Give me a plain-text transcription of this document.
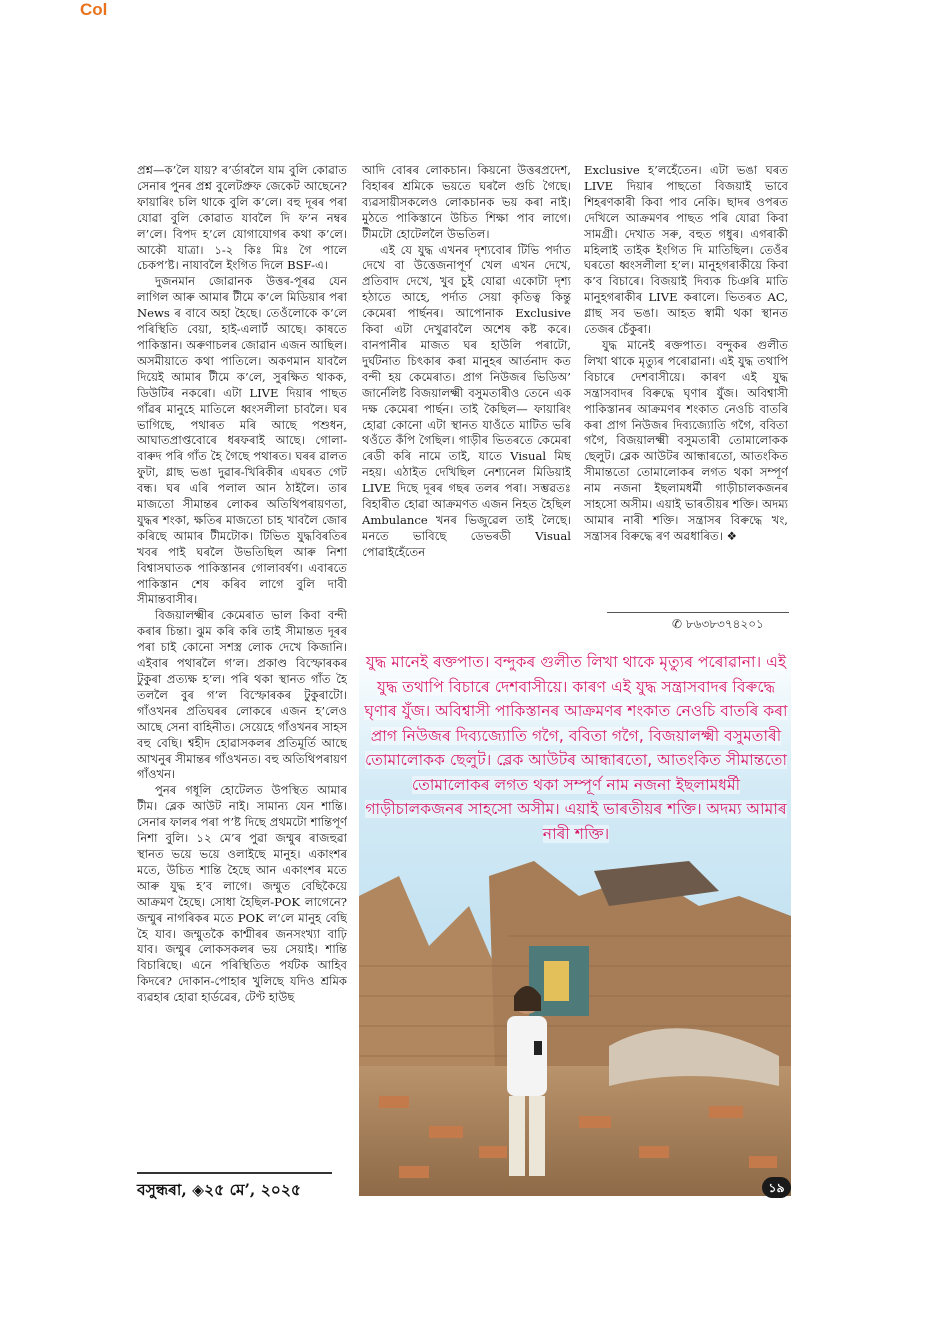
Col

প্ৰশ্ন—ক’লৈ যায়? ৰ’ৰ্ডাৰলৈ যাম বুলি কোৱাত সেনাৰ পুনৰ প্ৰশ্ন বুলেটপ্ৰুফ জেকেট আছেনে? ফায়াৰিং চলি থাকে বুলি ক’লে। বহু দূৰৰ পৰা যোৱা বুলি কোৱাত যাবলৈ দি ফ’ন নম্বৰ ল’লে। বিপদ হ’লে যোগাযোগৰ কথা ক’লে। আকৌ যাত্ৰা। ১-২ কিঃ মিঃ গৈ পালে চেকপ’ষ্ট। নাযাবলৈ ইংগিত দিলে BSF-এ।

দুজনমান জোৱানক উত্তৰ-পূৰৱ যেন লাগিল আৰু আমাৰ টীমে ক’লে মিডিয়াৰ পৰা News ৰ বাবে অহা হৈছে। তেওঁলোকে ক’লে পৰিস্থিতি বেয়া, হাই-এলাৰ্ট আছে। কাষতে পাকিস্তান। অৰুণাচলৰ জোৱান এজন আছিল। অসমীয়াতে কথা পাতিলে। অকণমান যাবলৈ দিয়েই আমাৰ টীমে ক’লে, সুৰক্ষিত থাকক, ডিউটিৰ নকৰো। এটা LIVE দিয়াৰ পাছত গাঁৱৰ মানুহে মাতিলে ধ্বংসলীলা চাবলৈ। ঘৰ ভাগিছে, পথাৰত মৰি আছে পশুধন, আঘাতপ্ৰাপ্তবোৰে ধৰফৰাই আছে। গোলা-বাৰুদ পৰি গাঁত হৈ গৈছে পথাৰত। ঘৰৰ ৱালত ফুটা, গ্লাছ ভঙা দুৱাৰ-খিৰিকীৰ এঘৰত গেট বন্ধ। ঘৰ এৰি পলাল আন ঠাইলৈ। তাৰ মাজতো সীমান্তৰ লোকৰ অতিথিপৰায়ণতা, যুদ্ধৰ শংকা, ক্ষতিৰ মাজতো চাহ খাবলৈ জোৰ কৰিছে আমাৰ টীমটোক। টিভিত যুদ্ধবিৰতিৰ খবৰ পাই ঘৰলৈ উভতিছিল আৰু নিশা বিশ্বাসঘাতক পাকিস্তানৰ গোলাবৰ্ষণ। এবাৰতে পাকিস্তান শেষ কৰিব লাগে বুলি দাবী সীমান্তবাসীৰ।

বিজয়ালক্ষ্মীৰ কেমেৰাত ভাল কিবা বন্দী কৰাৰ চিন্তা। ঝুম কৰি কৰি তাই সীমান্তত দূৰৰ পৰা চাই কোনো সশস্ত্ৰ লোক দেখে কিজানি। এইবাৰ পথাৰলৈ গ’ল। প্ৰকাণ্ড বিস্ফোৰকৰ টুকুৰা প্ৰত্যক্ষ হ’ল। পৰি থকা স্থানত গাঁত হৈ তললৈ বুৰ গ’ল বিস্ফোৰকৰ টুকুৰাটো। গাঁওখনৰ প্ৰতিঘৰৰ লোকৰে এজন হ’লেও আছে সেনা বাহিনীত। সেয়েহে গাঁওখনৰ সাহস বহু বেছি। শ্বহীদ হোৱাসকলৰ প্ৰতিমূৰ্তি আছে আখনুৰ সীমান্তৰ গাঁওখনত। বহু অতিথিপৰায়ণ গাঁওখন।

পুনৰ গধূলি হোটেলত উপস্থিত আমাৰ টীম। ব্লেক আউট নাই। সামান্য যেন শান্তি। সেনাৰ ফালৰ পৰা প’ষ্ট দিছে প্ৰথমটো শান্তিপূৰ্ণ নিশা বুলি। ১২ মে’ৰ পুৱা জম্মুৰ ৰাজহুৱা স্থানত ভয়ে ভয়ে ওলাইছে মানুহ। একাংশৰ মতে, উচিত শান্তি হৈছে আন একাংশৰ মতে আৰু যুদ্ধ হ’ব লাগে। জম্মুত বেছিকৈয়ে আক্ৰমণ হৈছে। সোধা হৈছিল-POK লাগেনে? জম্মুৰ নাগৰিকৰ মতে POK ল’লে মানুহ বেছি হৈ যাব। জম্মুতকৈ কাশ্মীৰৰ জনসংখ্যা বাঢ়ি যাব। জম্মুৰ লোকসকলৰ ভয় সেয়াই। শান্তি বিচাৰিছে। এনে পৰিস্থিতিত পৰ্যটক আহিব কিদৰে? দোকান-পোহাৰ খুলিছে যদিও শ্ৰমিক ব্যৱহাৰ হোৱা হাৰ্ডৱেৰ, টেণ্ট হাউছ

আদি বোৰৰ লোকচান। কিয়নো উত্তৰপ্ৰদেশ, বিহাৰৰ শ্ৰমিকে ভয়তে ঘৰলৈ গুচি গৈছে। ব্যৱসায়ীসকলেও লোকচানক ভয় কৰা নাই। মুঠতে পাকিস্তানে উচিত শিক্ষা পাব লাগে। টীমটো হোটেললৈ উভতিল।

এই যে যুদ্ধ এখনৰ দৃশ্যবোৰ টিভি পৰ্দাত দেখে বা উত্তেজনাপূৰ্ণ খেল এখন দেখে, প্ৰতিবাদ দেখে, খুব চুই যোৱা একোটা দৃশ্য হঠাতে আহে, পৰ্দাত সেয়া কৃতিত্ব কিন্তু কেমেৰা পাৰ্ছনৰ। আপোনাক Exclusive কিবা এটা দেখুৱাবলৈ অশেষ কষ্ট কৰে। বানপানীৰ মাজত ঘৰ হাউলি পৰাটো, দুৰ্ঘটনাত চিৎকাৰ কৰা মানুহৰ আৰ্তনাদ কত বন্দী হয় কেমেৰাত। প্ৰাগ নিউজৰ ভিডিঅ’ জাৰ্নেলিষ্ট বিজয়ালক্ষ্মী বসুমতাৰীও তেনে এক দক্ষ কেমেৰা পাৰ্ছন। তাই কৈছিল— ফায়াৰিং হোৱা কোনো এটা স্থানত যাওঁতে মাটিত ভৰি থওঁতে কঁপি গৈছিল। গাড়ীৰ ভিতৰতে কেমেৰা ৰেডী কৰি নামে তাই, যাতে Visual মিছ নহয়। এঠাইত দেখিছিল নেশ্যনেল মিডিয়াই LIVE দিছে দূৰৰ গছৰ তলৰ পৰা। সম্ভৱতঃ বিহাৰীত হোৱা আক্ৰমণত এজন নিহত হৈছিল Ambulance খনৰ ভিজুৱেল তাই লৈছে। মনতে ভাবিছে ডেভৰডী Visual পোৱাইহেঁতেন

Exclusive হ’লহেঁতেন। এটা ভঙা ঘৰত LIVE দিয়াৰ পাছতো বিজয়াই ভাবে শিহৰণকাৰী কিবা পাব নেকি। ছাদৰ ওপৰত দেখিলে আক্ৰমণৰ পাছত পৰি যোৱা কিবা সামগ্ৰী। দেখাত সৰু, বহুত গধুৰ। এগৰাকী মহিলাই তাইক ইংগিত দি মাতিছিল। তেওঁৰ ঘৰতো ধ্বংসলীলা হ’ল। মানুহগৰাকীয়ে কিবা ক’ব বিচাৰে। বিজয়াই দিব্যক চিঞৰি মাতি মানুহগৰাকীৰ LIVE কৰালে। ভিতৰত AC, গ্লাছ সব ভঙা। আহত স্বামী থকা স্থানত তেজৰ চেঁকুৰা।

যুদ্ধ মানেই ৰক্তপাত। বন্দুকৰ গুলীত লিখা থাকে মৃত্যুৰ পৰোৱানা। এই যুদ্ধ তথাপি বিচাৰে দেশবাসীয়ে। কাৰণ এই যুদ্ধ সন্ত্ৰাসবাদৰ বিৰুদ্ধে ঘৃণাৰ যুঁজ। অবিশ্বাসী পাকিস্তানৰ আক্ৰমণৰ শংকাত নেওচি বাতৰি কৰা প্ৰাগ নিউজৰ দিব্যজ্যোতি গগৈ, ববিতা গগৈ, বিজয়ালক্ষ্মী বসুমতাৰী তোমালোকক ছেলুট। ব্লেক আউটৰ আন্ধাৰতো, আতংকিত সীমান্ততো তোমালোকৰ লগত থকা সম্পূৰ্ণ নাম নজনা ইছলামধৰ্মী গাড়ীচালকজনৰ সাহসো অসীম। এয়াই ভাৰতীয়ৰ শক্তি। অদম্য আমাৰ নাৰী শক্তি। সন্ত্ৰাসৰ বিৰুদ্ধে খং, সন্ত্ৰাসৰ বিৰুদ্ধে ৰণ অৱধাৰিত। ❖

✆ ৮৬৩৮৩৭৪২০১
যুদ্ধ মানেই ৰক্তপাত। বন্দুকৰ গুলীত লিখা থাকে মৃত্যুৰ পৰোৱানা। এই যুদ্ধ তথাপি বিচাৰে দেশবাসীয়ে। কাৰণ এই যুদ্ধ সন্ত্ৰাসবাদৰ বিৰুদ্ধে ঘৃণাৰ যুঁজ। অবিশ্বাসী পাকিস্তানৰ আক্ৰমণৰ শংকাত নেওচি বাতৰি কৰা প্ৰাগ নিউজৰ দিব্যজ্যোতি গগৈ, ববিতা গগৈ, বিজয়ালক্ষ্মী বসুমতাৰী তোমালোকক ছেলুট। ব্লেক আউটৰ আন্ধাৰতো, আতংকিত সীমান্ততো তোমালোকৰ লগত থকা সম্পূৰ্ণ নাম নজনা ইছলামধৰ্মী গাড়ীচালকজনৰ সাহসো অসীম। এয়াই ভাৰতীয়ৰ শক্তি। অদম্য আমাৰ নাৰী শক্তি।
বসুন্ধৰা, ◈২৫ মে’, ২০২৫	১৯
